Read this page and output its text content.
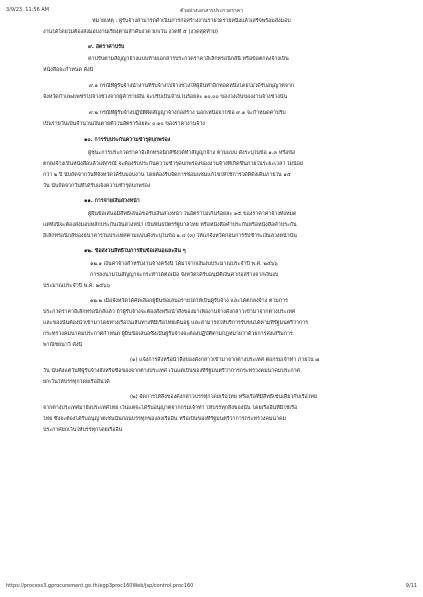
3/9/23, 11:56 AM	ตัวอย่างเอกสารประกวดราคา
หมายเหตุ : ผู้รับจ้างสามารถดำเนินการก่อสร้างงานรายใดรายหนึ่งแล้วเสร็จพร้อมส่งมอบ
งานได้โดยไม่ต้องส่งมอบงานเรียงตามลำดับงวด ยกเว้น งวดที่ ๕ (งวดสุดท้าย)
๙. อัตราค่าปรับ
ค่าปรับตามสัญญาจ้างแบบท้ายเอกสารประกวดราคาอิเล็กทรอนิกส์นี้ หรือข้อตกลงจ้างเป็น
หนังสือจะกำหนด ดังนี้
๙.๑ กรณีที่ผู้รับจ้างนำงานที่รับจ้างไปจ้างช่วงให้ผู้อื่นทำอีกทอดหนึ่งโดยไม่ได้รับอนุญาตจาก
จังหวัดกำแพงเพชรไปจ้างช่วงจากผู้ค้ารายอื่น จะปรับเป็นจำนวนร้อยละ ๑๐.๐๐ ของวงเงินของงานจ้างช่วงนั้น
๙.๒ กรณีที่ผู้รับจ้างปฏิบัติผิดสัญญาจ้างก่อสร้าง นอกเหนือจากข้อ ๙.๑ จะกำหนดค่าปรับ
เป็นรายวันเป็นจำนวนเงินตายตัวในอัตราร้อยละ ๐.๑๐ ของราคางานจ้าง
๑๐. การรับประกันความชำรุดบกพร่อง
ผู้ชนะการประกวดราคาอิเล็กทรอนิกส์ซึ่งได้ทำสัญญาจ้าง ตามแบบ ดังระบุในข้อ ๑.๓ หรือข้อ
ตกลงจ้างเป็นหนังสือแล้วแต่กรณี จะต้องรับประกันความชำรุดบกพร่องของงานจ้างที่เกิดขึ้นภายในระยะเวลา ไม่น้อย
กว่า ๒ ปี นับถัดจากวันที่จังหวัดได้รับมอบงาน โดยต้องรีบจัดการซ่อมแซมแก้ไขให้ใช้การได้ดีดังเดิมภายใน ๑๕
วัน นับถัดจากวันที่ได้รับแจ้งความชำรุดบกพร่อง
๑๑. การจ่ายเงินล่วงหน้า
ผู้ยื่นข้อเสนอมีสิทธิเสนอขอรับเงินล่วงหน้า ในอัตราไม่เกินร้อยละ ๑๕ ของราคาค่าจ้างทั้งหมด
แต่ทั้งนี้จะต้องส่งมอบหลักประกันเงินล่วงหน้า เป็นพันธบัตรรัฐบาลไทย หรือหนังสือค้ำประกันหรือหนังสือค้ำประกัน
อิเล็กทรอนิกส์ของธนาคารในประเทศตามแบบดังระบุในข้อ ๑.๔ (๓) ให้แก่จังหวัดก่อนการรับชำระเงินล่วงหน้านั้น
๑๒. ข้อสงวนสิทธิในการยื่นข้อเสนอและอื่น ๆ
๑๒.๑ เงินค่าจ้างสำหรับงานจ้างครั้งนี้ ได้มาจากเงินงบประมาณประจำปี พ.ศ. ๒๕๖๖
การลงนามในสัญญาจะกระทำได้ต่อเมื่อ จังหวัดได้รับอนุมัติเงินค่าก่อสร้างจากเงินงบ
ประมาณประจำปี พ.ศ. ๒๕๖๖
๑๒.๒ เมื่อจังหวัดได้คัดเลือกผู้ยื่นข้อเสนอรายใดให้เป็นผู้รับจ้าง และได้ตกลงจ้าง ตามการ
ประกวดราคาอิเล็กทรอนิกส์แล้ว ถ้าผู้รับจ้างจะต้องสั่งหรือนำสิ่งของมาเพื่องานจ้างดังกล่าวเข้ามาจากต่างประเทศ
และของนั้นต้องนำเข้ามาโดยทางเรือในเส้นทางที่มีเรือไทยเดินอยู่ และสามารถให้บริการรับขนได้ตามที่รัฐมนตรีว่าการ
กระทรวงคมนาคมประกาศกำหนด ผู้ยื่นข้อเสนอซึ่งเป็นผู้รับจ้างจะต้องปฏิบัติตามกฎหมายว่าด้วยการส่งเสริมการ
พาณิชยนาวี ดังนี้
(๑) แจ้งการสั่งหรือนำสิ่งของดังกล่าวเข้ามาจากต่างประเทศ ต่อกรมเจ้าท่า ภายใน ๗
วัน นับตั้งแต่วันที่ผู้รับจ้างสั่งหรือซื้อของจากต่างประเทศ เว้นแต่เป็นของที่รัฐมนตรีว่าการกระทรวงคมนาคมประกาศ
ยกเว้นให้บรรทุกโดยเรืออื่นได้
(๒) จัดการให้สิ่งของดังกล่าวบรรทุกโดยเรือไทย หรือเรือที่มีสิทธิเช่นเดียวกับเรือไทย
จากต่างประเทศมายังประเทศไทย เว้นแต่จะได้รับอนุญาตจากกรมเจ้าท่า ให้บรรทุกสิ่งของนั้น โดยเรืออื่นที่มิใช่เรือ
ไทย ซึ่งจะต้องได้รับอนุญาตเช่นนั้นก่อนบรรทุกของลงเรืออื่น หรือเป็นของที่รัฐมนตรีว่าการกระทรวงคมนาคม
ประกาศยกเว้นให้บรรทุกโดยเรืออื่น
https://process3.gprocurement.go.th/egp3proc160Web/jsp/control.proc160	9/11
